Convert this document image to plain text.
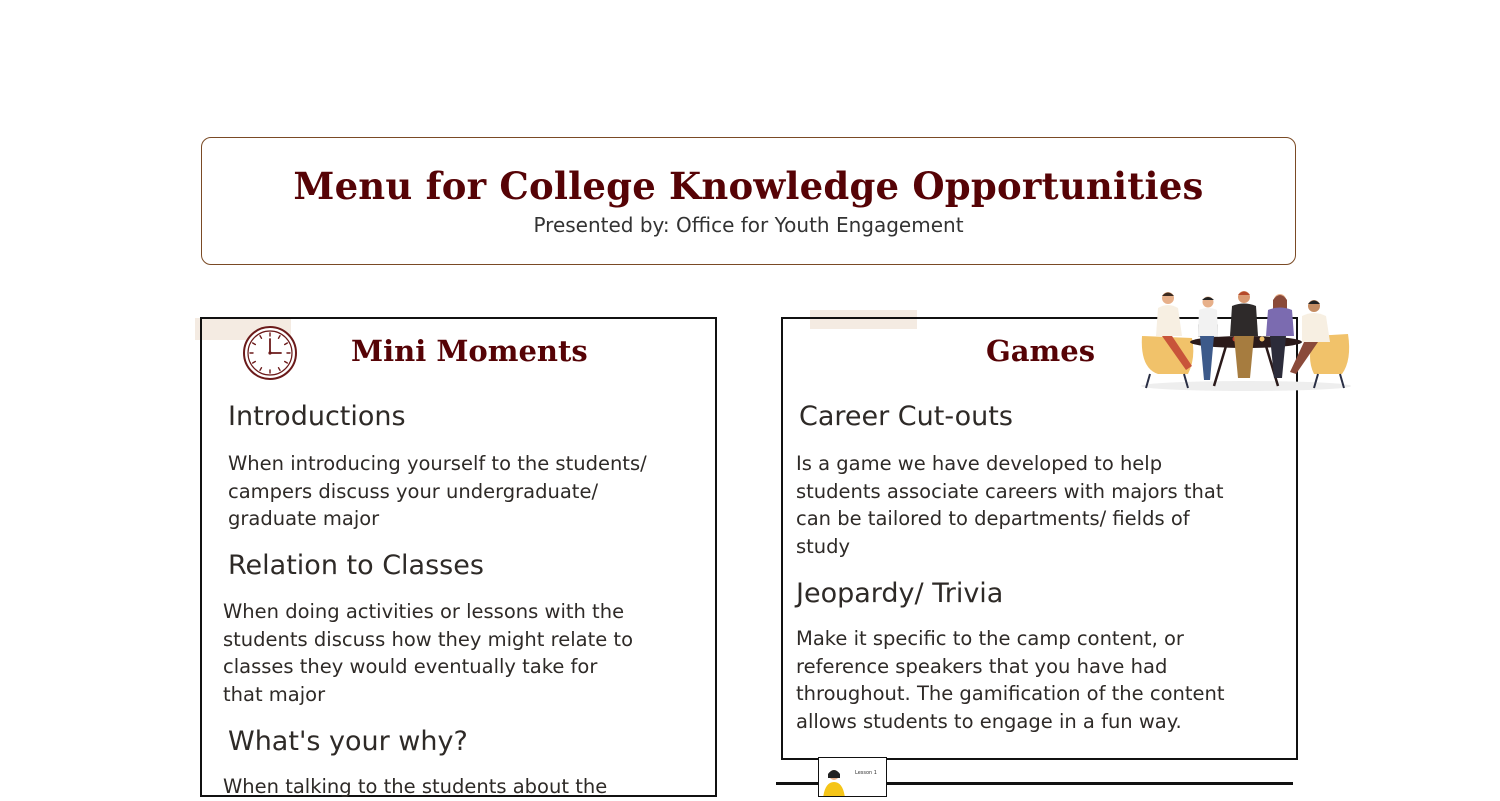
Menu for College Knowledge Opportunities
Presented by: Office for Youth Engagement
Mini Moments
Introductions

When introducing yourself to the students/ campers discuss your undergraduate/ graduate major

Relation to Classes

When doing activities or lessons with the students discuss how they might relate to classes they would eventually take for that major

What's your why?

When talking to the students about the

Games
Career Cut-outs

Is a game we have developed to help students associate careers with majors that can be tailored to departments/ fields of study

Jeopardy/ Trivia

Make it specific to the camp content, or reference speakers that you have had throughout. The gamification of the content allows students to engage in a fun way.

Lesson 1
